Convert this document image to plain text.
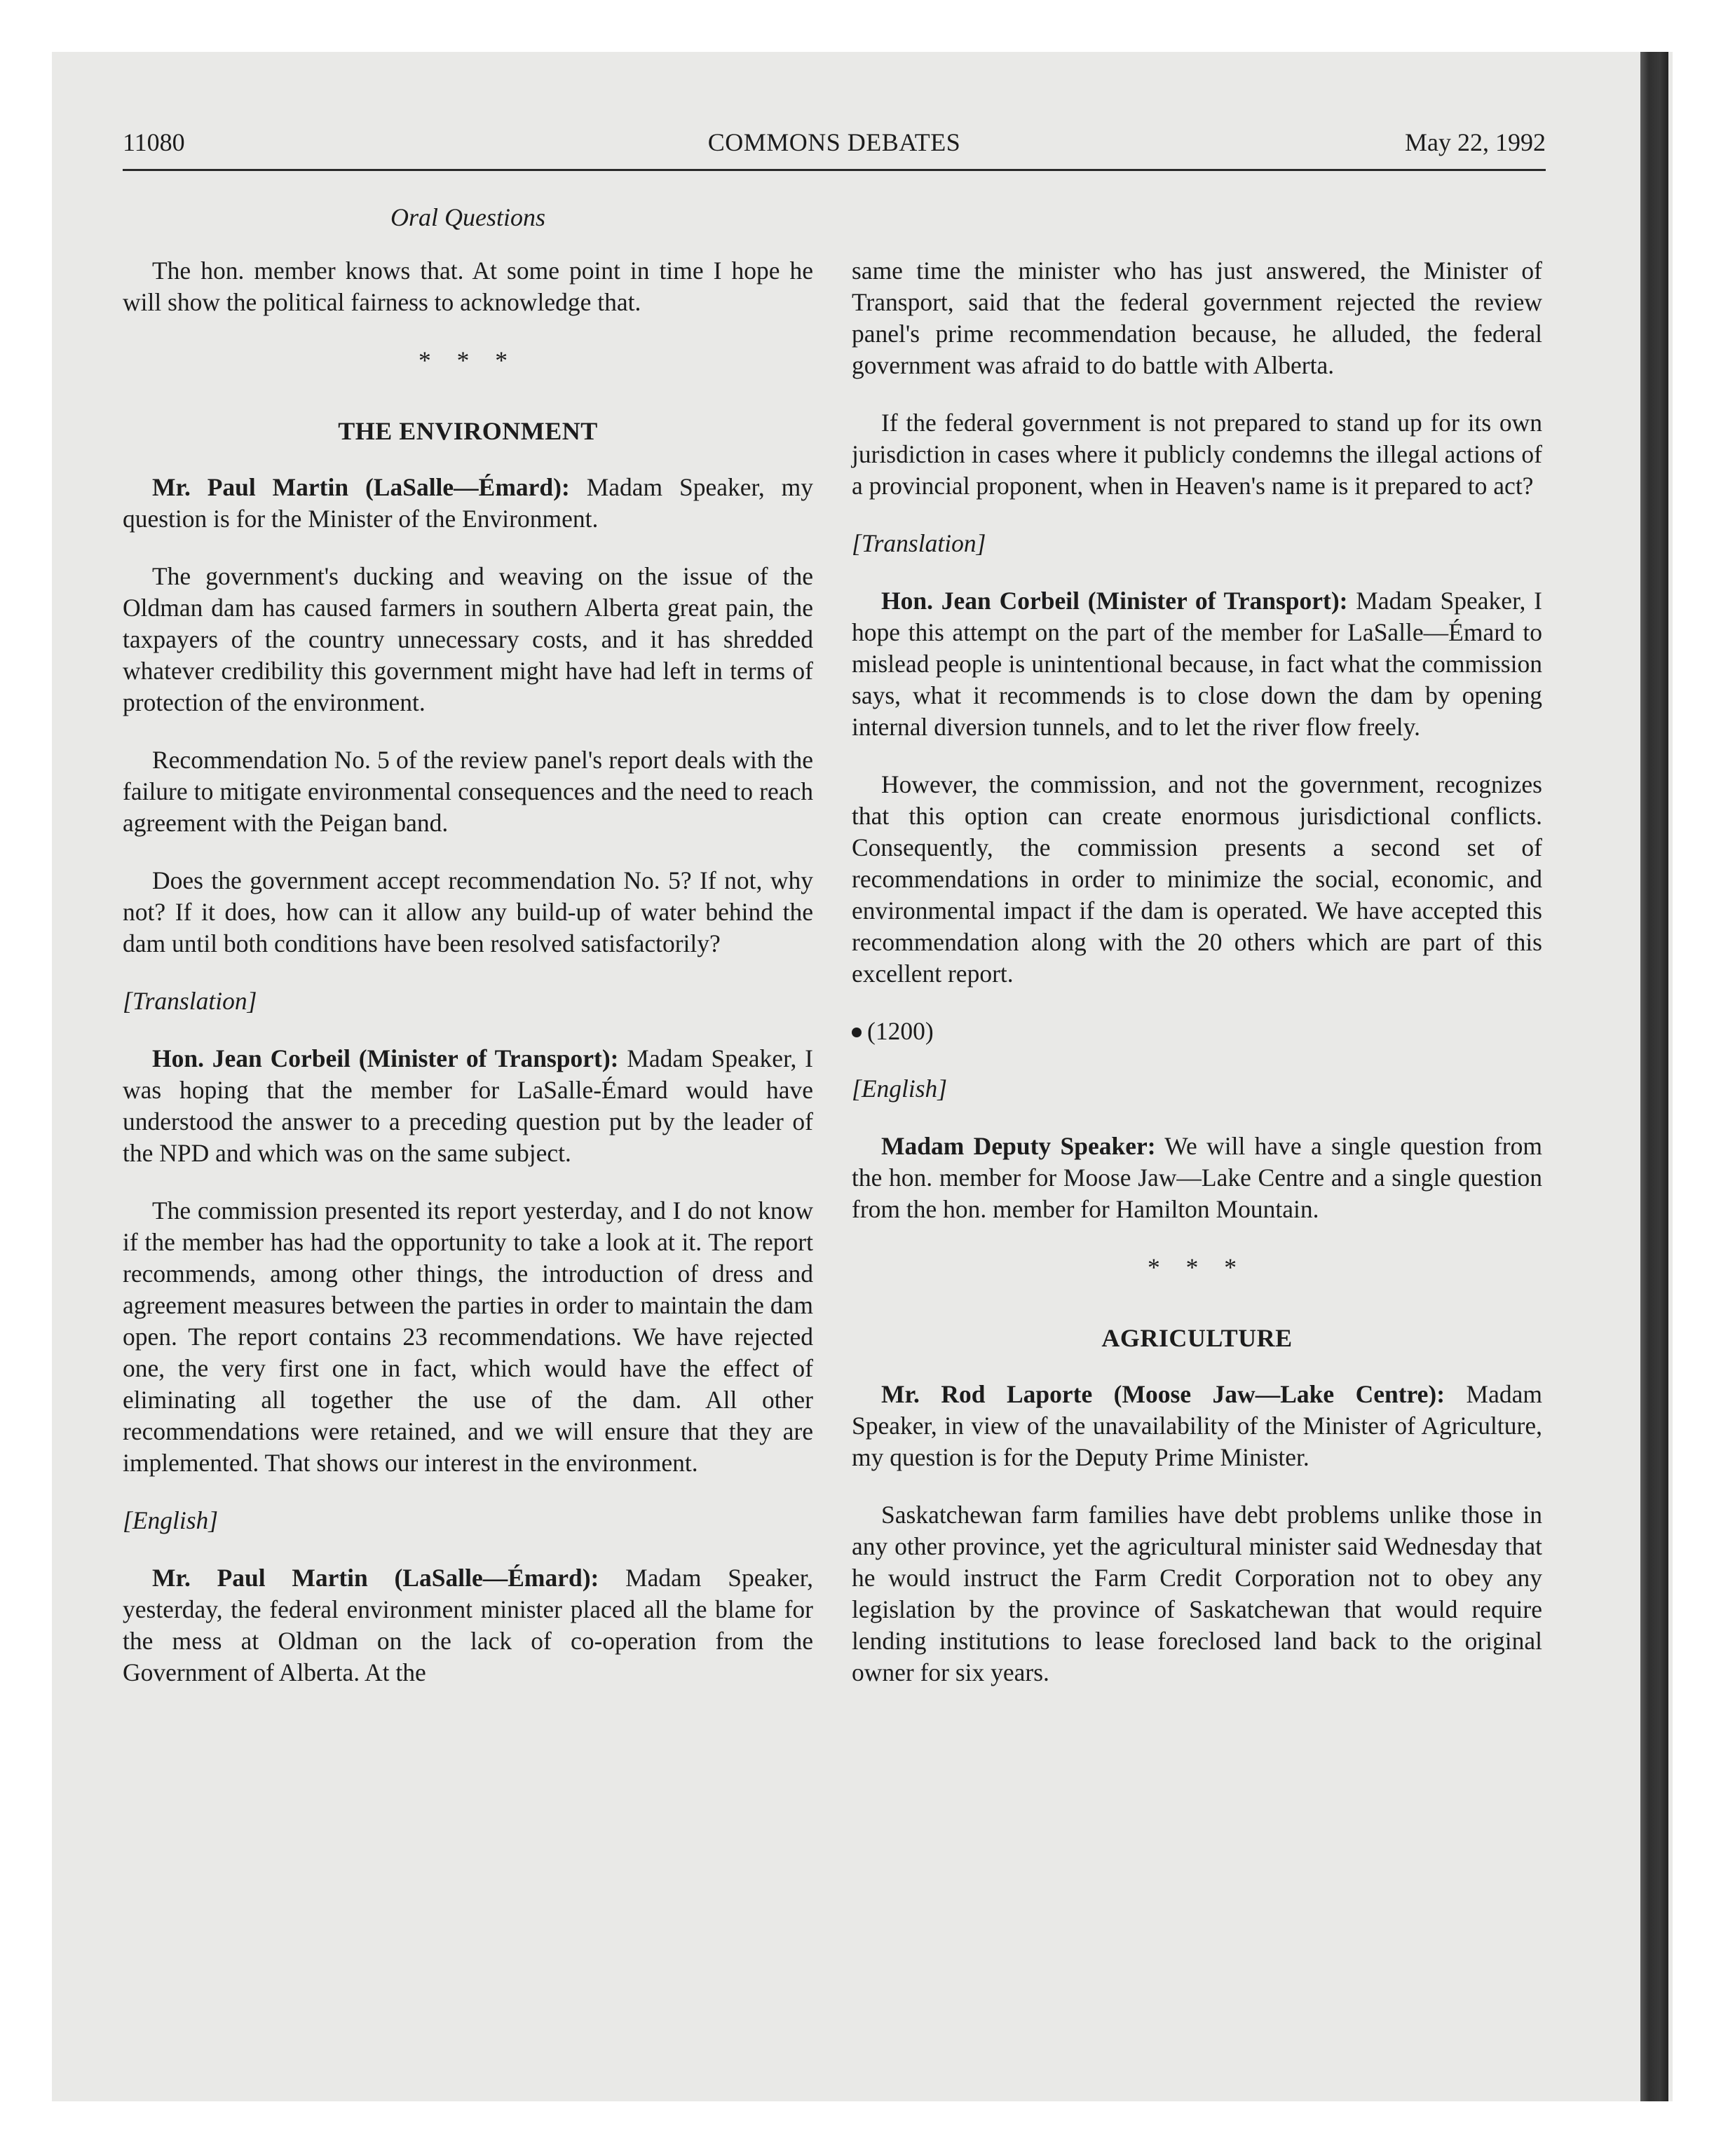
11080	COMMONS DEBATES	May 22, 1992
Oral Questions

The hon. member knows that. At some point in time I hope he will show the political fairness to acknowledge that.

* * *
THE ENVIRONMENT

Mr. Paul Martin (LaSalle—Émard): Madam Speaker, my question is for the Minister of the Environment.

The government's ducking and weaving on the issue of the Oldman dam has caused farmers in southern Alberta great pain, the taxpayers of the country unnecessary costs, and it has shredded whatever credibility this government might have had left in terms of protection of the environment.

Recommendation No. 5 of the review panel's report deals with the failure to mitigate environmental consequences and the need to reach agreement with the Peigan band.

Does the government accept recommendation No. 5? If not, why not? If it does, how can it allow any build-up of water behind the dam until both conditions have been resolved satisfactorily?

[Translation]

Hon. Jean Corbeil (Minister of Transport): Madam Speaker, I was hoping that the member for LaSalle-Émard would have understood the answer to a preceding question put by the leader of the NPD and which was on the same subject.

The commission presented its report yesterday, and I do not know if the member has had the opportunity to take a look at it. The report recommends, among other things, the introduction of dress and agreement measures between the parties in order to maintain the dam open. The report contains 23 recommendations. We have rejected one, the very first one in fact, which would have the effect of eliminating all together the use of the dam. All other recommendations were retained, and we will ensure that they are implemented. That shows our interest in the environment.

[English]

Mr. Paul Martin (LaSalle—Émard): Madam Speaker, yesterday, the federal environment minister placed all the blame for the mess at Oldman on the lack of co-operation from the Government of Alberta. At the

same time the minister who has just answered, the Minister of Transport, said that the federal government rejected the review panel's prime recommendation because, he alluded, the federal government was afraid to do battle with Alberta.

If the federal government is not prepared to stand up for its own jurisdiction in cases where it publicly condemns the illegal actions of a provincial proponent, when in Heaven's name is it prepared to act?

[Translation]

Hon. Jean Corbeil (Minister of Transport): Madam Speaker, I hope this attempt on the part of the member for LaSalle—Émard to mislead people is unintentional because, in fact what the commission says, what it recommends is to close down the dam by opening internal diversion tunnels, and to let the river flow freely.

However, the commission, and not the government, recognizes that this option can create enormous jurisdictional conflicts. Consequently, the commission presents a second set of recommendations in order to minimize the social, economic, and environmental impact if the dam is operated. We have accepted this recommendation along with the 20 others which are part of this excellent report.

(1200)

[English]

Madam Deputy Speaker: We will have a single question from the hon. member for Moose Jaw—Lake Centre and a single question from the hon. member for Hamilton Mountain.

* * *
AGRICULTURE

Mr. Rod Laporte (Moose Jaw—Lake Centre): Madam Speaker, in view of the unavailability of the Minister of Agriculture, my question is for the Deputy Prime Minister.

Saskatchewan farm families have debt problems unlike those in any other province, yet the agricultural minister said Wednesday that he would instruct the Farm Credit Corporation not to obey any legislation by the province of Saskatchewan that would require lending institutions to lease foreclosed land back to the original owner for six years.
